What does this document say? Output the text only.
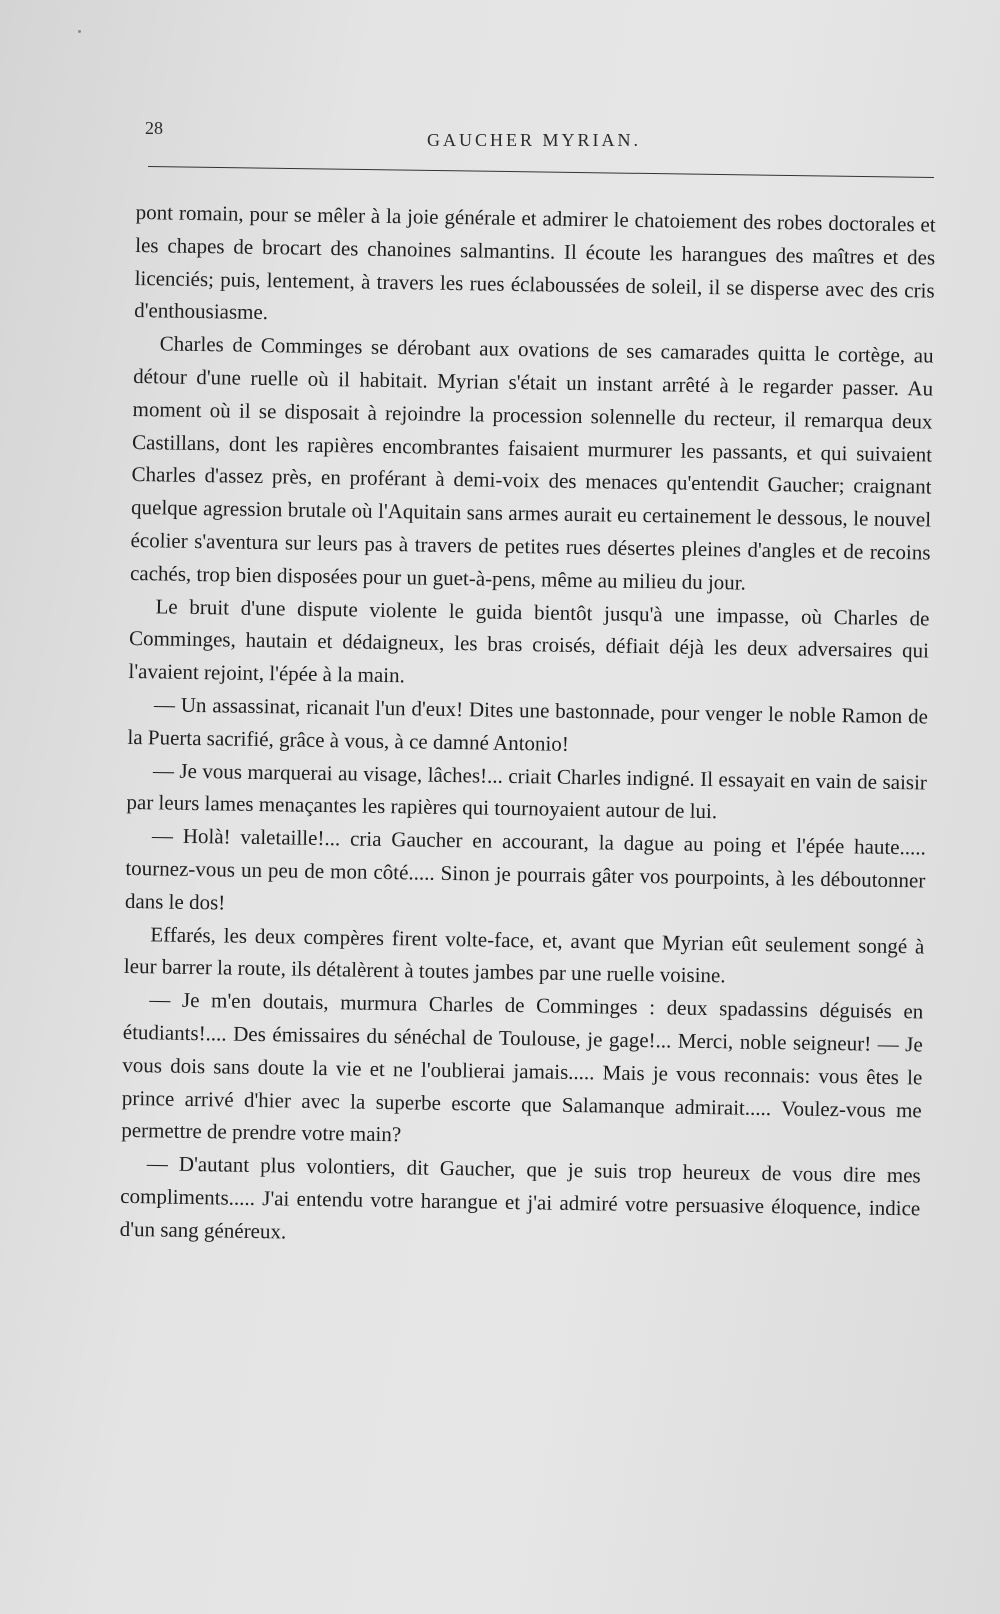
28
GAUCHER MYRIAN.

pont romain, pour se mêler à la joie générale et admirer le chatoiement des robes doctorales et les chapes de brocart des chanoines salmantins. Il écoute les harangues des maîtres et des licenciés; puis, lentement, à travers les rues éclaboussées de soleil, il se disperse avec des cris d'enthousiasme.

Charles de Comminges se dérobant aux ovations de ses camarades quitta le cortège, au détour d'une ruelle où il habitait. Myrian s'était un instant arrêté à le regarder passer. Au moment où il se disposait à rejoindre la procession solennelle du recteur, il remarqua deux Castillans, dont les rapières encombrantes faisaient murmurer les passants, et qui suivaient Charles d'assez près, en proférant à demi-voix des menaces qu'entendit Gaucher; craignant quelque agression brutale où l'Aquitain sans armes aurait eu certainement le dessous, le nouvel écolier s'aventura sur leurs pas à travers de petites rues désertes pleines d'angles et de recoins cachés, trop bien disposées pour un guet-à-pens, même au milieu du jour.

Le bruit d'une dispute violente le guida bientôt jusqu'à une impasse, où Charles de Comminges, hautain et dédaigneux, les bras croisés, défiait déjà les deux adversaires qui l'avaient rejoint, l'épée à la main.

— Un assassinat, ricanait l'un d'eux! Dites une bastonnade, pour venger le noble Ramon de la Puerta sacrifié, grâce à vous, à ce damné Antonio!

— Je vous marquerai au visage, lâches!... criait Charles indigné. Il essayait en vain de saisir par leurs lames menaçantes les rapières qui tournoyaient autour de lui.

— Holà! valetaille!... cria Gaucher en accourant, la dague au poing et l'épée haute..... tournez-vous un peu de mon côté..... Sinon je pourrais gâter vos pourpoints, à les déboutonner dans le dos!

Effarés, les deux compères firent volte-face, et, avant que Myrian eût seulement songé à leur barrer la route, ils détalèrent à toutes jambes par une ruelle voisine.

— Je m'en doutais, murmura Charles de Comminges : deux spadassins déguisés en étudiants!.... Des émissaires du sénéchal de Toulouse, je gage!... Merci, noble seigneur! — Je vous dois sans doute la vie et ne l'oublierai jamais..... Mais je vous reconnais: vous êtes le prince arrivé d'hier avec la superbe escorte que Salamanque admirait..... Voulez-vous me permettre de prendre votre main?

— D'autant plus volontiers, dit Gaucher, que je suis trop heureux de vous dire mes compliments..... J'ai entendu votre harangue et j'ai admiré votre persuasive éloquence, indice d'un sang généreux.
